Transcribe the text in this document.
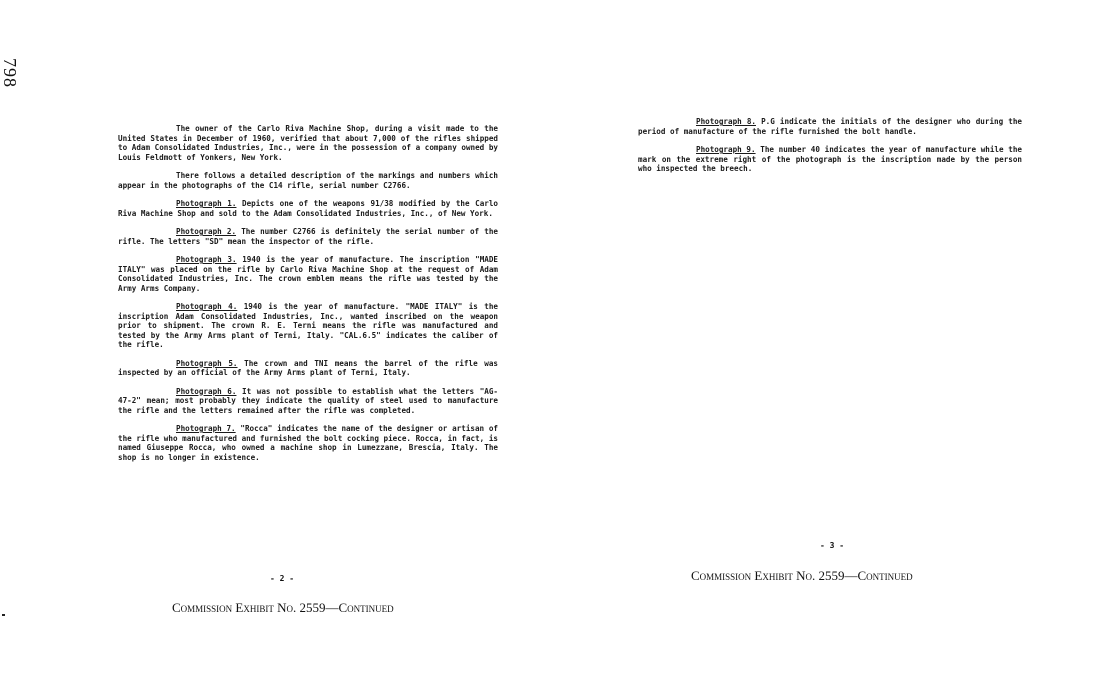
798

The owner of the Carlo Riva Machine Shop, during a visit made to the United States in December of 1960, verified that about 7,000 of the rifles shipped to Adam Consolidated Industries, Inc., were in the possession of a company owned by Louis Feldmott of Yonkers, New York.

There follows a detailed description of the markings and numbers which appear in the photographs of the C14 rifle, serial number C2766.

Photograph 1. Depicts one of the weapons 91/38 modified by the Carlo Riva Machine Shop and sold to the Adam Consolidated Industries, Inc., of New York.

Photograph 2. The number C2766 is definitely the serial number of the rifle. The letters "SD" mean the inspector of the rifle.

Photograph 3. 1940 is the year of manufacture. The inscription "MADE ITALY" was placed on the rifle by Carlo Riva Machine Shop at the request of Adam Consolidated Industries, Inc. The crown emblem means the rifle was tested by the Army Arms Company.

Photograph 4. 1940 is the year of manufacture. "MADE ITALY" is the inscription Adam Consolidated Industries, Inc., wanted inscribed on the weapon prior to shipment. The crown R. E. Terni means the rifle was manufactured and tested by the Army Arms plant of Terni, Italy. "CAL.6.5" indicates the caliber of the rifle.

Photograph 5. The crown and TNI means the barrel of the rifle was inspected by an official of the Army Arms plant of Terni, Italy.

Photograph 6. It was not possible to establish what the letters "AG-47-2" mean; most probably they indicate the quality of steel used to manufacture the rifle and the letters remained after the rifle was completed.

Photograph 7. "Rocca" indicates the name of the designer or artisan of the rifle who manufactured and furnished the bolt cocking piece. Rocca, in fact, is named Giuseppe Rocca, who owned a machine shop in Lumezzane, Brescia, Italy. The shop is no longer in existence.

- 2 -
Commission Exhibit No. 2559—Continued

Photograph 8. P.G indicate the initials of the designer who during the period of manufacture of the rifle furnished the bolt handle.

Photograph 9. The number 40 indicates the year of manufacture while the mark on the extreme right of the photograph is the inscription made by the person who inspected the breech.

- 3 -
Commission Exhibit No. 2559—Continued
